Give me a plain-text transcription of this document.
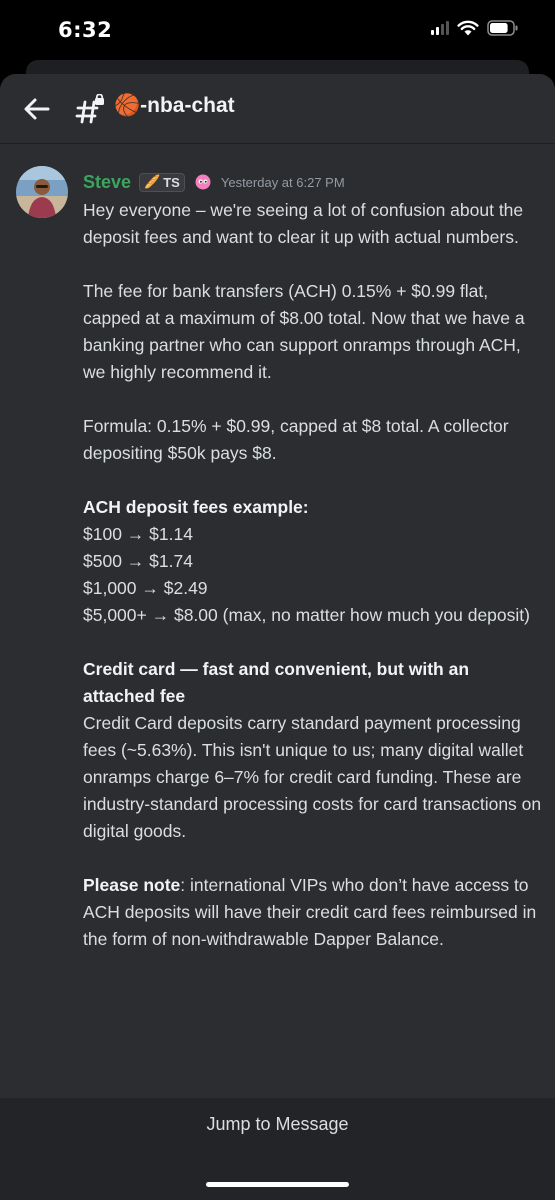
6:32
🏀-nba-chat
Steve 🥖 TS	Yesterday at 6:27 PM

Hey everyone – we're seeing a lot of confusion about the deposit fees and want to clear it up with actual numbers.

The fee for bank transfers (ACH) 0.15% + $0.99 flat, capped at a maximum of $8.00 total. Now that we have a banking partner who can support onramps through ACH, we highly recommend it.

Formula: 0.15% + $0.99, capped at $8 total. A collector depositing $50k pays $8.

ACH deposit fees example:

$100 → $1.14
$500 → $1.74
$1,000 → $2.49
$5,000+ → $8.00 (max, no matter how much you deposit)

Credit card — fast and convenient, but with an attached fee

Credit Card deposits carry standard payment processing fees (~5.63%). This isn't unique to us; many digital wallet onramps charge 6–7% for credit card funding. These are industry-standard processing costs for card transactions on digital goods.

Please note: international VIPs who don’t have access to ACH deposits will have their credit card fees reimbursed in the form of non-withdrawable Dapper Balance.

Jump to Message
